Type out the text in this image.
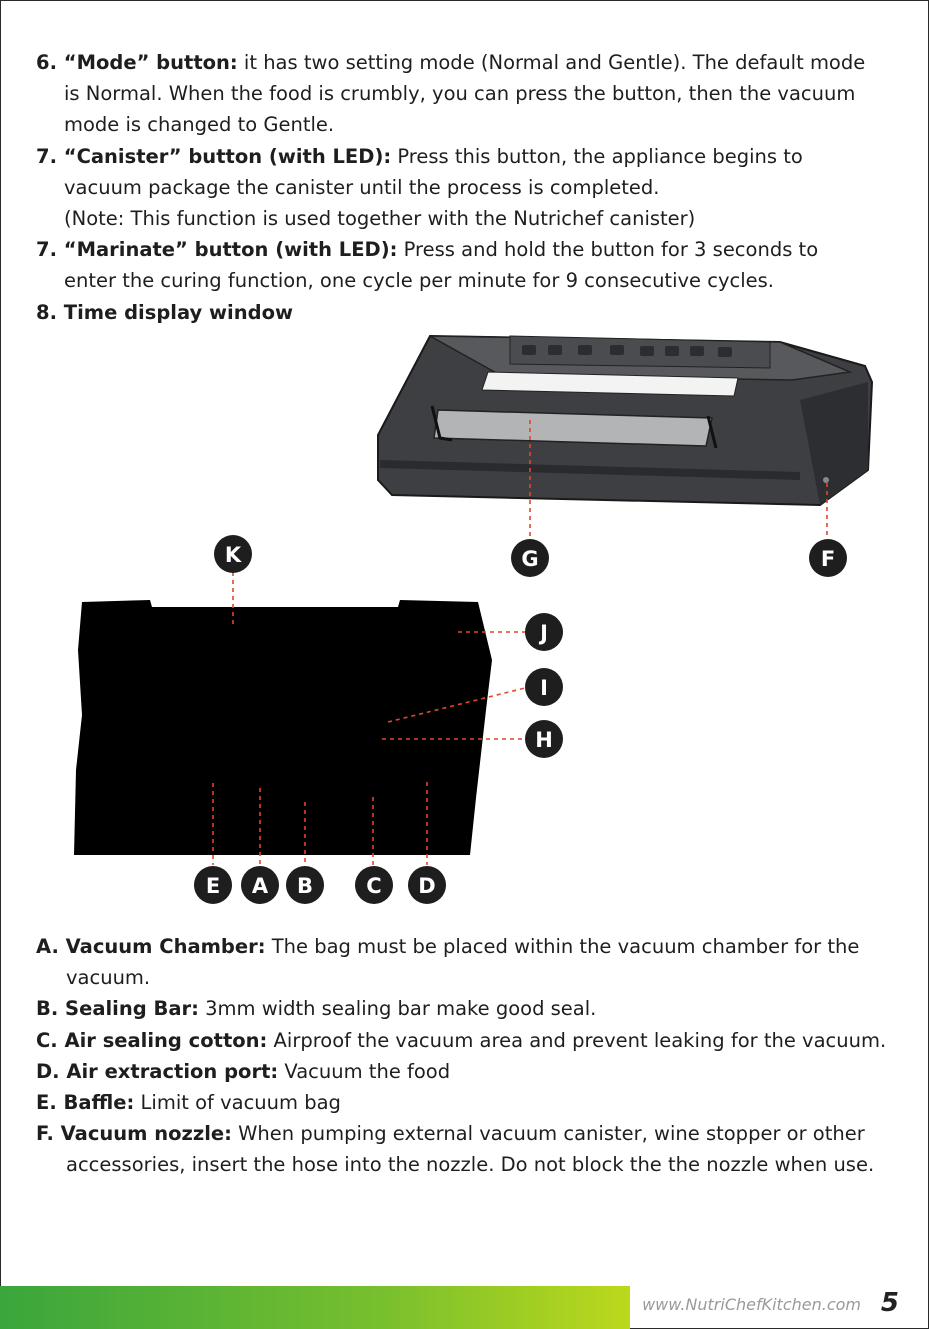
6. “Mode” button: it has two setting mode (Normal and Gentle). The default mode is Normal. When the food is crumbly, you can press the button, then the vacuum mode is changed to Gentle.
7. “Canister” button (with LED): Press this button, the appliance begins to vacuum package the canister until the process is completed.
(Note: This function is used together with the Nutrichef canister)
7. “Marinate” button (with LED): Press and hold the button for 3 seconds to enter the curing function, one cycle per minute for 9 consecutive cycles.
8. Time display window
K	G	F
J
I
H
E A B	C D
A. Vacuum Chamber: The bag must be placed within the vacuum chamber for the vacuum.
B. Sealing Bar: 3mm width sealing bar make good seal.
C. Air sealing cotton: Airproof the vacuum area and prevent leaking for the vacuum.
D. Air extraction port: Vacuum the food
E. Baffle: Limit of vacuum bag
F. Vacuum nozzle: When pumping external vacuum canister, wine stopper or other accessories, insert the hose into the nozzle. Do not block the the nozzle when use.
www.NutriChefKitchen.com 5
